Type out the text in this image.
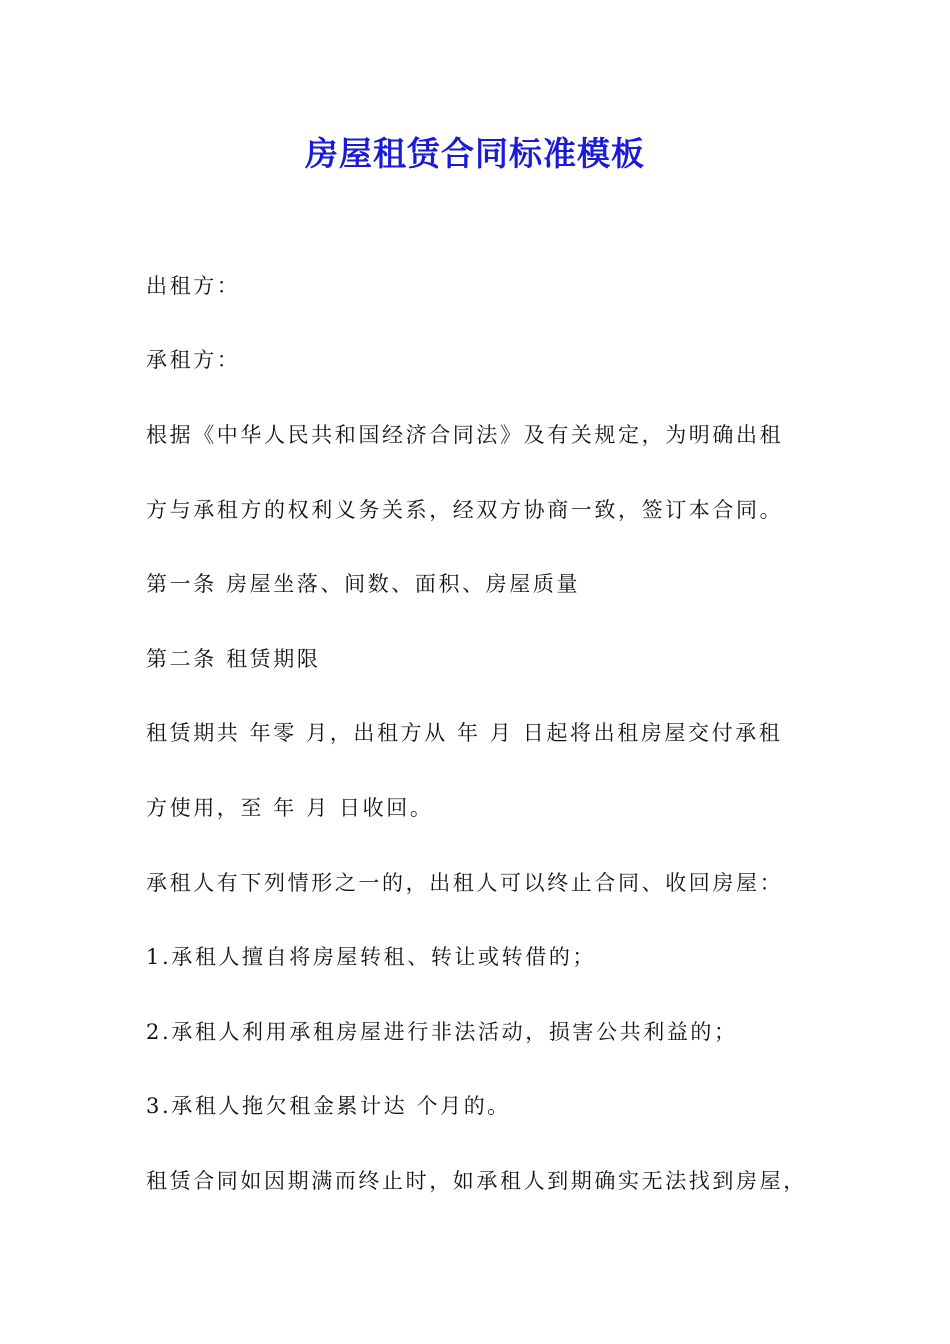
房屋租赁合同标准模板
出租方：
承租方：
根据《中华人民共和国经济合同法》及有关规定，为明确出租
方与承租方的权利义务关系，经双方协商一致，签订本合同。
第一条 房屋坐落、间数、面积、房屋质量
第二条 租赁期限
租赁期共 年零 月，出租方从 年 月 日起将出租房屋交付承租
方使用，至 年 月 日收回。
承租人有下列情形之一的，出租人可以终止合同、收回房屋：
1.承租人擅自将房屋转租、转让或转借的；
2.承租人利用承租房屋进行非法活动，损害公共利益的；
3.承租人拖欠租金累计达 个月的。
租赁合同如因期满而终止时，如承租人到期确实无法找到房屋，
